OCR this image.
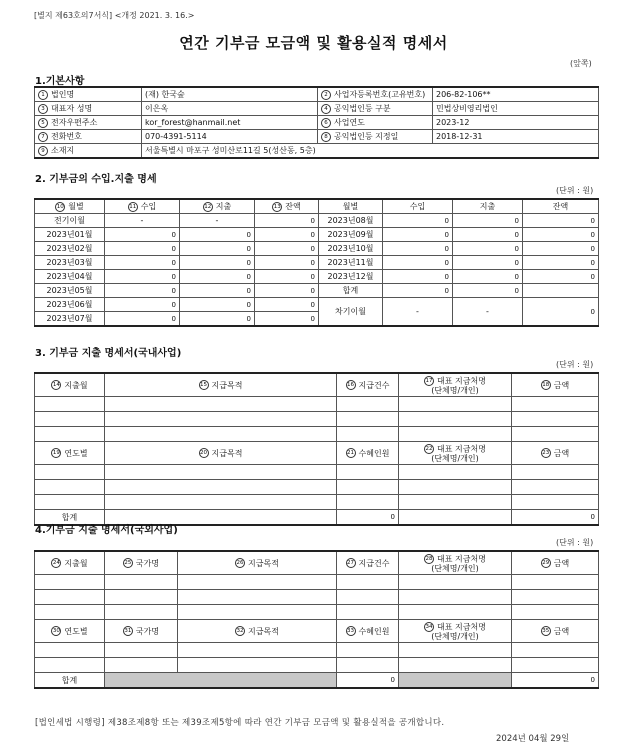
[별지 제63호의7서식] <개정 2021. 3. 16.>
연간 기부금 모금액 및 활용실적 명세서
(앞쪽)
1.기본사항
1 법인명	(재) 한국숲	2 사업자등록번호(고유번호)	206-82-106**
3 대표자 성명	이은옥	4 공익법인등 구분	민법상비영리법인
5 전자우편주소	kor_forest@hanmail.net	6 사업연도	2023-12
7 전화번호	070-4391-5114	8 공익법인등 지정일	2018-12-31
9 소재지	서울특별시 마포구 성미산로11길 5(성산동, 5층)		
2. 기부금의 수입.지출 명세
(단위 : 원)
10 월별	11 수입	12 지출	13 잔액	월별	수입	지출	잔액
전기이월	-	-	0	2023년08월	0	0	0
2023년01월	0	0	0	2023년09월	0	0	0
2023년02월	0	0	0	2023년10월	0	0	0
2023년03월	0	0	0	2023년11월	0	0	0
2023년04월	0	0	0	2023년12월	0	0	0
2023년05월	0	0	0	합계	0	0	
2023년06월	0	0	0	차기이월	-	-	0
2023년07월	0	0	0				
3. 기부금 지출 명세서(국내사업)
(단위 : 원)
14 지출월	15 지급목적	16 지급건수	17 대표 지급처명
(단체명/개인)	18 금액

19 연도별	20 지급목적	21 수혜인원	22 대표 지급처명
(단체명/개인)	23 금액

합계		0		0
4.기부금 지출 명세서(국외사업)
(단위 : 원)
24 지출월	25 국가명	26 지급목적	27 지급건수	28 대표 지급처명
(단체명/개인)	29 금액

30 연도별	31 국가명	32 지급목적	33 수혜인원	34 대표 지급처명
(단체명/개인)	35 금액

합계			0		0
[법인세법 시행령] 제38조제8항 또는 제39조제5항에 따라 연간 기부금 모금액 및 활용실적을 공개합니다.
2024년 04월 29일
